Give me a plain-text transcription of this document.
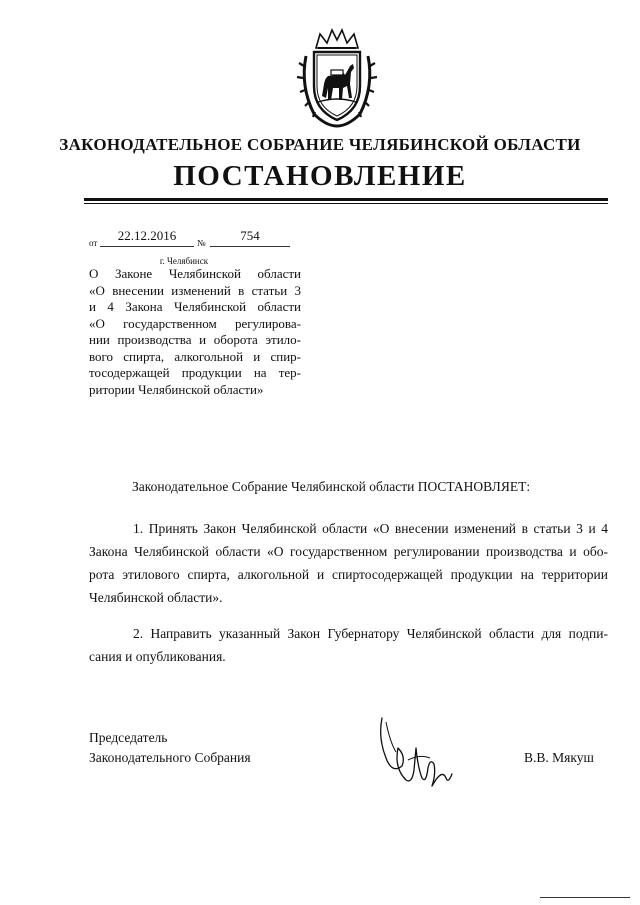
ЗАКОНОДАТЕЛЬНОЕ СОБРАНИЕ ЧЕЛЯБИНСКОЙ ОБЛАСТИ
ПОСТАНОВЛЕНИЕ
от	22.12.2016	№	754
г. Челябинск
О Законе Челябинской области
«О внесении изменений в статьи 3
и 4 Закона Челябинской области
«О государственном регулирова-
нии производства и оборота этило-
вого спирта, алкогольной и спир-
тосодержащей продукции на тер-
ритории Челябинской области»
Законодательное Собрание Челябинской области ПОСТАНОВЛЯЕТ:
1. Принять Закон Челябинской области «О внесении изменений в статьи 3 и 4
Закона Челябинской области «О государственном регулировании производства и обо-
рота этилового спирта, алкогольной и спиртосодержащей продукции на территории
Челябинской области».
2. Направить указанный Закон Губернатору Челябинской области для подпи-
сания и опубликования.
Председатель
Законодательного Собрания	В.В. Мякуш
